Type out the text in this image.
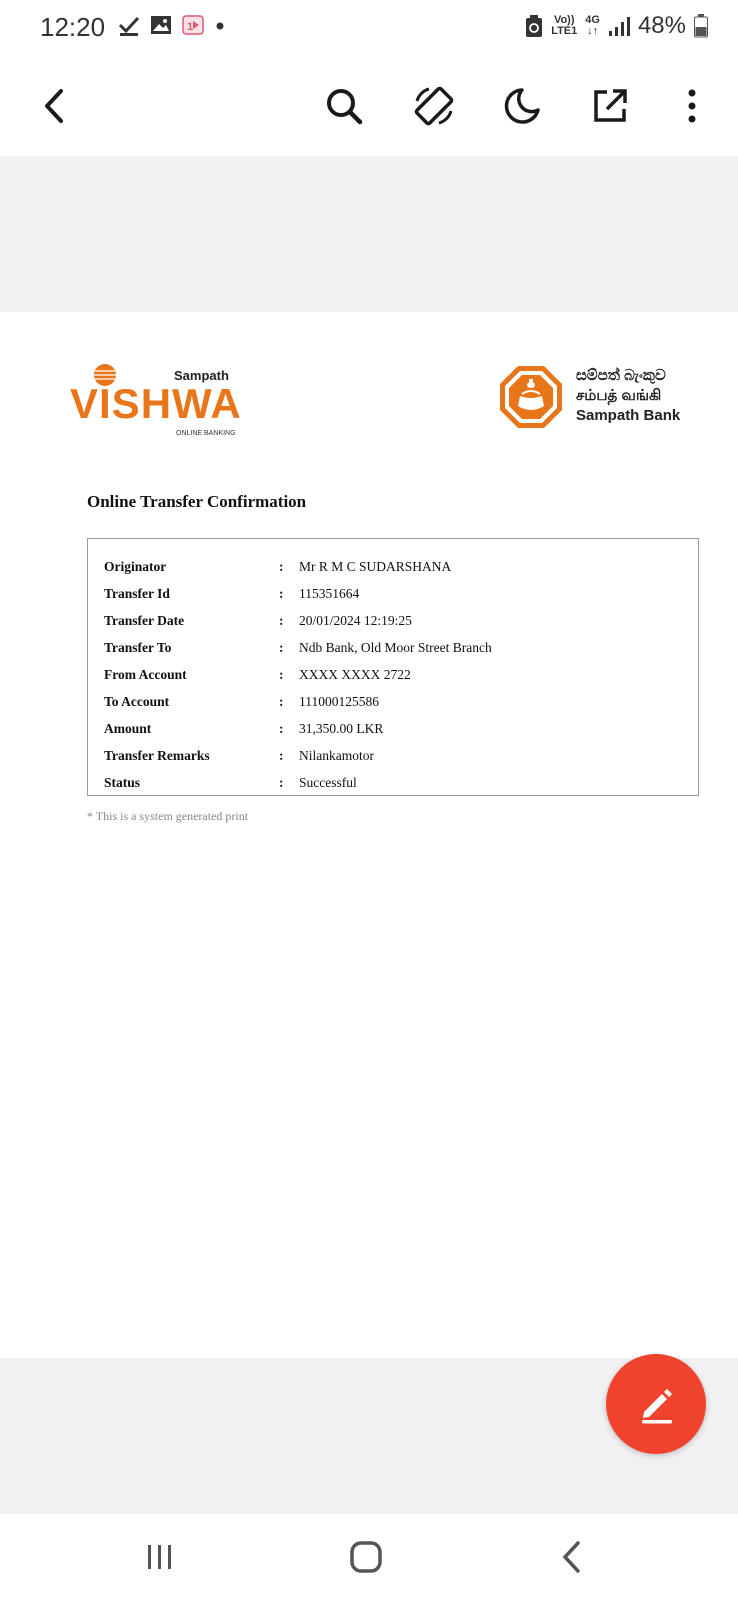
12:20	1
Vo))
LTE1
4G
↓↑ 48%
Sampath
VISHWA
ONLINE BANKING
සම්පත් බැංකුව
சம்பத் வங்கி
Sampath Bank
Online Transfer Confirmation
Originator	: Mr R M C SUDARSHANA
Transfer Id	: 115351664
Transfer Date	: 20/01/2024 12:19:25
Transfer To	: Ndb Bank, Old Moor Street Branch
From Account	: XXXX XXXX 2722
To Account	: 111000125586
Amount	: 31,350.00 LKR
Transfer Remarks	: Nilankamotor
Status	: Successful
* This is a system generated print
